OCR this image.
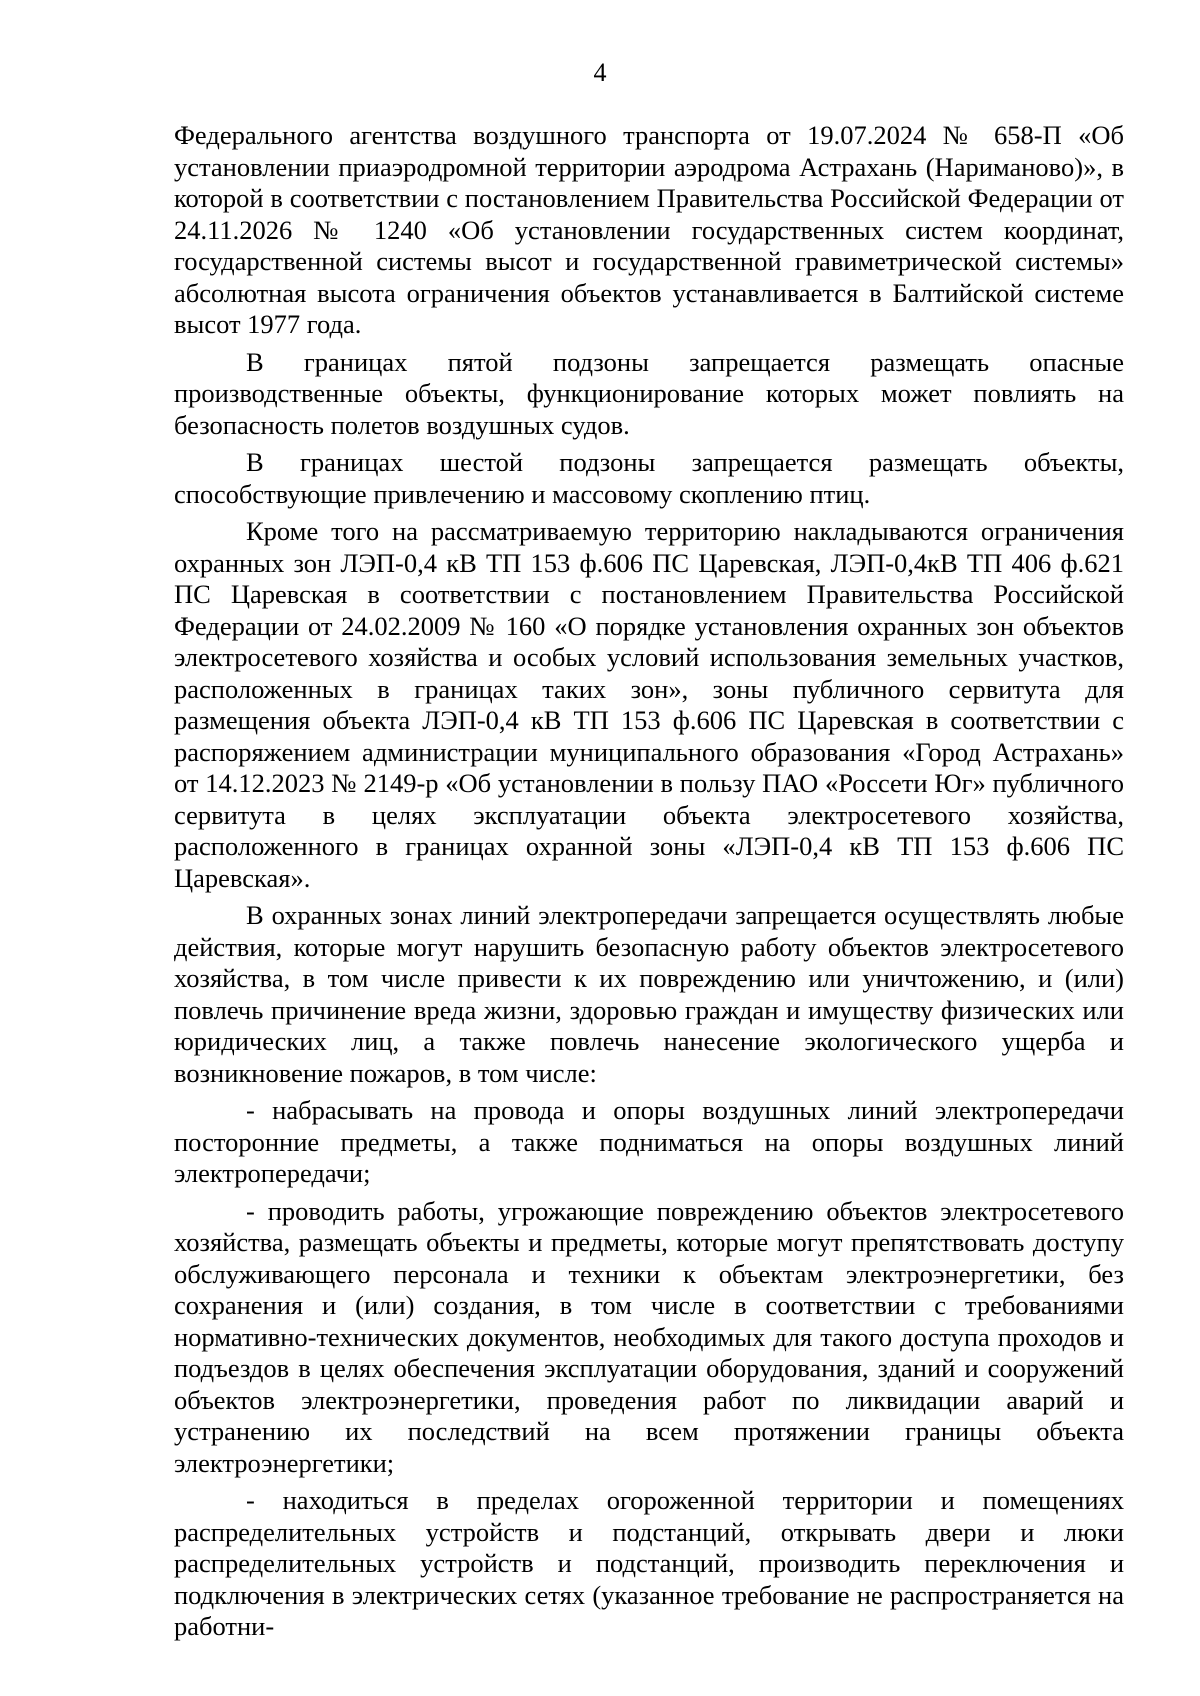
4

Федерального агентства воздушного транспорта от 19.07.2024 № 658-П «Об установлении приаэродромной территории аэродрома Астрахань (Нариманово)», в которой в соответствии с постановлением Правительства Российской Федерации от 24.11.2026 № 1240 «Об установлении государственных систем координат, государственной системы высот и государственной гравиметрической системы» абсолютная высота ограничения объектов устанавливается в Балтийской системе высот 1977 года.

В границах пятой подзоны запрещается размещать опасные производственные объекты, функционирование которых может повлиять на безопасность полетов воздушных судов.

В границах шестой подзоны запрещается размещать объекты, способствующие привлечению и массовому скоплению птиц.

Кроме того на рассматриваемую территорию накладываются ограничения охранных зон ЛЭП-0,4 кВ ТП 153 ф.606 ПС Царевская, ЛЭП-0,4кВ ТП 406 ф.621 ПС Царевская в соответствии с постановлением Правительства Российской Федерации от 24.02.2009 № 160 «О порядке установления охранных зон объектов электросетевого хозяйства и особых условий использования земельных участков, расположенных в границах таких зон», зоны публичного сервитута для размещения объекта ЛЭП-0,4 кВ ТП 153 ф.606 ПС Царевская в соответствии с распоряжением администрации муниципального образования «Город Астрахань» от 14.12.2023 № 2149-р «Об установлении в пользу ПАО «Россети Юг» публичного сервитута в целях эксплуатации объекта электросетевого хозяйства, расположенного в границах охранной зоны «ЛЭП-0,4 кВ ТП 153 ф.606 ПС Царевская».

В охранных зонах линий электропередачи запрещается осуществлять любые действия, которые могут нарушить безопасную работу объектов электросетевого хозяйства, в том числе привести к их повреждению или уничтожению, и (или) повлечь причинение вреда жизни, здоровью граждан и имуществу физических или юридических лиц, а также повлечь нанесение экологического ущерба и возникновение пожаров, в том числе:

- набрасывать на провода и опоры воздушных линий электропередачи посторонние предметы, а также подниматься на опоры воздушных линий электропередачи;

- проводить работы, угрожающие повреждению объектов электросетевого хозяйства, размещать объекты и предметы, которые могут препятствовать доступу обслуживающего персонала и техники к объектам электроэнергетики, без сохранения и (или) создания, в том числе в соответствии с требованиями нормативно-технических документов, необходимых для такого доступа проходов и подъездов в целях обеспечения эксплуатации оборудования, зданий и сооружений объектов электроэнергетики, проведения работ по ликвидации аварий и устранению их последствий на всем протяжении границы объекта электроэнергетики;

- находиться в пределах огороженной территории и помещениях распределительных устройств и подстанций, открывать двери и люки распределительных устройств и подстанций, производить переключения и подключения в электрических сетях (указанное требование не распространяется на работни-
